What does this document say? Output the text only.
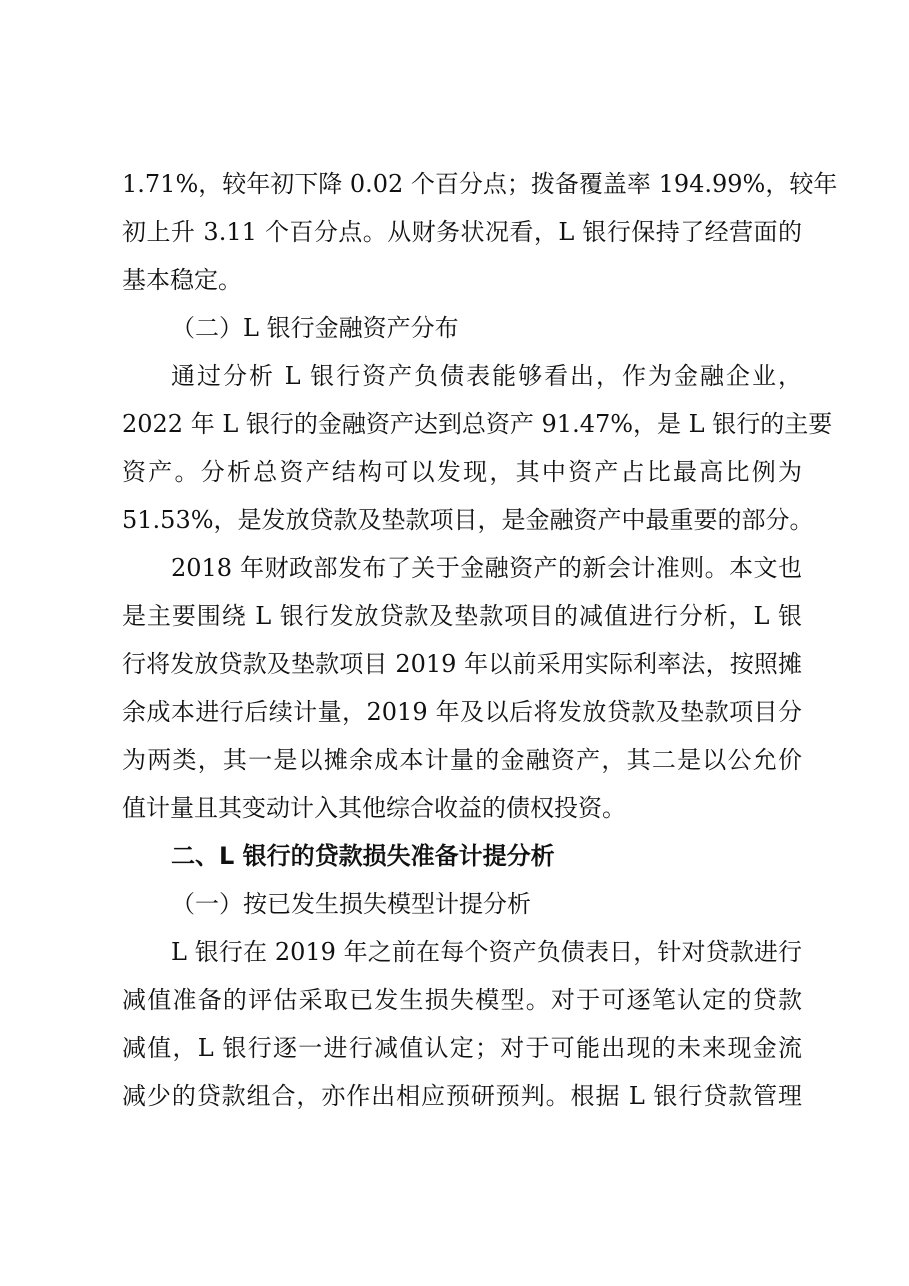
1.71%，较年初下降 0.02 个百分点；拨备覆盖率 194.99%，较年
初上升 3.11 个百分点。从财务状况看，L 银行保持了经营面的
基本稳定。
（二）L 银行金融资产分布
通过分析 L 银行资产负债表能够看出，作为金融企业，
2022 年 L 银行的金融资产达到总资产 91.47%，是 L 银行的主要
资产。分析总资产结构可以发现，其中资产占比最高比例为
51.53%，是发放贷款及垫款项目，是金融资产中最重要的部分。
2018 年财政部发布了关于金融资产的新会计准则。本文也
是主要围绕 L 银行发放贷款及垫款项目的减值进行分析，L 银
行将发放贷款及垫款项目 2019 年以前采用实际利率法，按照摊
余成本进行后续计量，2019 年及以后将发放贷款及垫款项目分
为两类，其一是以摊余成本计量的金融资产，其二是以公允价
值计量且其变动计入其他综合收益的债权投资。
二、L 银行的贷款损失准备计提分析
（一）按已发生损失模型计提分析
L 银行在 2019 年之前在每个资产负债表日，针对贷款进行
减值准备的评估采取已发生损失模型。对于可逐笔认定的贷款
减值，L 银行逐一进行减值认定；对于可能出现的未来现金流
减少的贷款组合，亦作出相应预研预判。根据 L 银行贷款管理
